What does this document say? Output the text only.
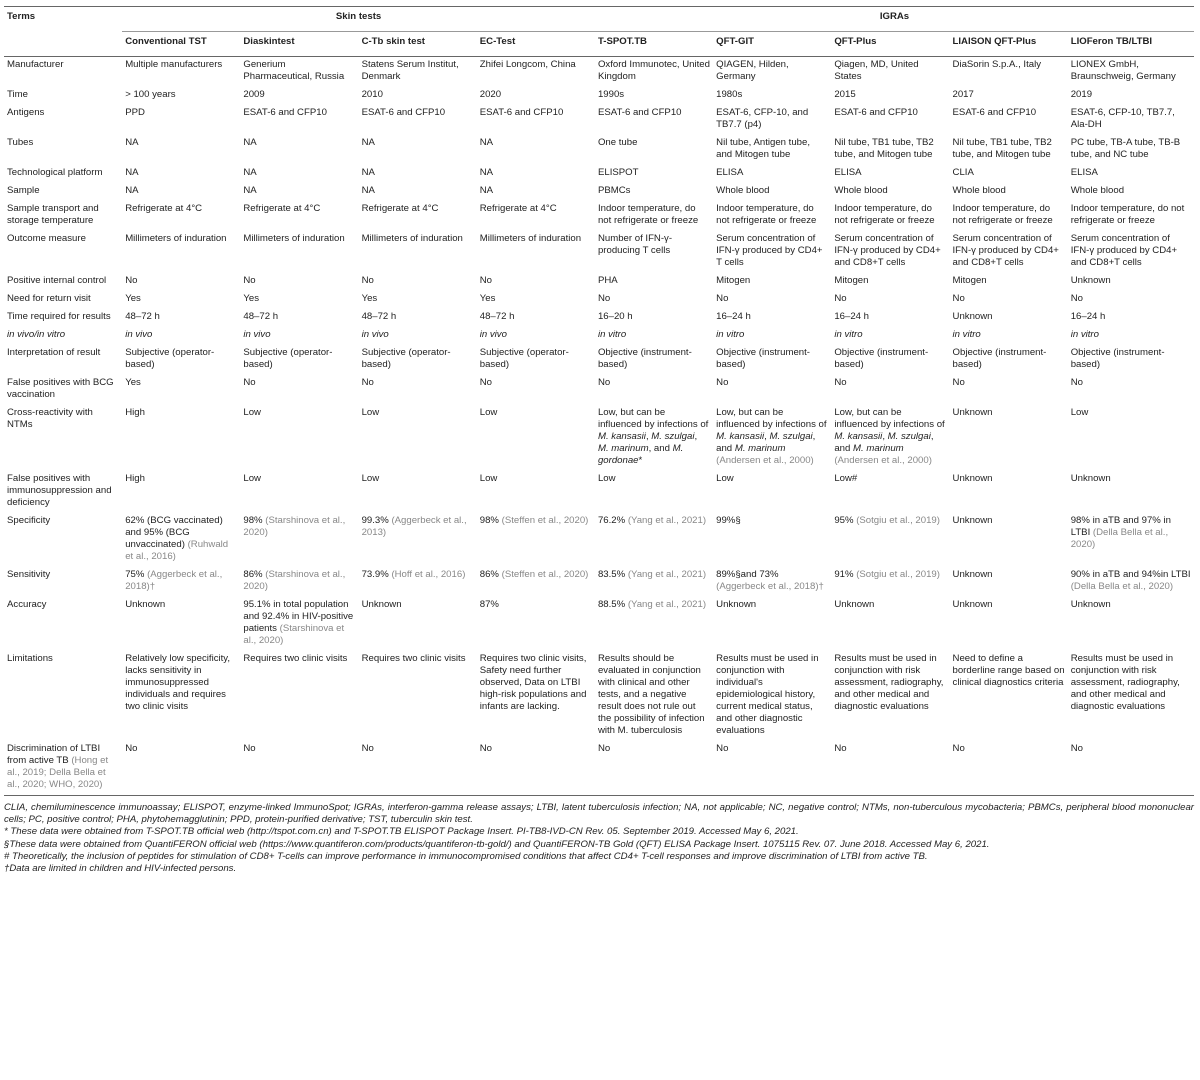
Terms	Skin tests				IGRAs				
	Conventional TST	Diaskintest	C-Tb skin test	EC-Test	T-SPOT.TB	QFT-GIT	QFT-Plus	LIAISON QFT-Plus	LIOFeron TB/LTBI
Manufacturer	Multiple manufacturers	Generium Pharmaceutical, Russia	Statens Serum Institut, Denmark	Zhifei Longcom, China	Oxford Immunotec, United Kingdom	QIAGEN, Hilden, Germany	Qiagen, MD, United States	DiaSorin S.p.A., Italy	LIONEX GmbH, Braunschweig, Germany
Time	> 100 years	2009	2010	2020	1990s	1980s	2015	2017	2019
Antigens	PPD	ESAT-6 and CFP10	ESAT-6 and CFP10	ESAT-6 and CFP10	ESAT-6 and CFP10	ESAT-6, CFP-10, and TB7.7 (p4)	ESAT-6 and CFP10	ESAT-6 and CFP10	ESAT-6, CFP-10, TB7.7, Ala-DH
Tubes	NA	NA	NA	NA	One tube	Nil tube, Antigen tube, and Mitogen tube	Nil tube, TB1 tube, TB2 tube, and Mitogen tube	Nil tube, TB1 tube, TB2 tube, and Mitogen tube	PC tube, TB-A tube, TB-B tube, and NC tube
Technological platform	NA	NA	NA	NA	ELISPOT	ELISA	ELISA	CLIA	ELISA
Sample	NA	NA	NA	NA	PBMCs	Whole blood	Whole blood	Whole blood	Whole blood
Sample transport and storage temperature	Refrigerate at 4°C	Refrigerate at 4°C	Refrigerate at 4°C	Refrigerate at 4°C	Indoor temperature, do not refrigerate or freeze	Indoor temperature, do not refrigerate or freeze	Indoor temperature, do not refrigerate or freeze	Indoor temperature, do not refrigerate or freeze	Indoor temperature, do not refrigerate or freeze
Outcome measure	Millimeters of induration	Millimeters of induration	Millimeters of induration	Millimeters of induration	Number of IFN-γ-producing T cells	Serum concentration of IFN-γ produced by CD4+ T cells	Serum concentration of IFN-γ produced by CD4+ and CD8+T cells	Serum concentration of IFN-γ produced by CD4+ and CD8+T cells	Serum concentration of IFN-γ produced by CD4+ and CD8+T cells
Positive internal control	No	No	No	No	PHA	Mitogen	Mitogen	Mitogen	Unknown
Need for return visit	Yes	Yes	Yes	Yes	No	No	No	No	No
Time required for results	48–72 h	48–72 h	48–72 h	48–72 h	16–20 h	16–24 h	16–24 h	Unknown	16–24 h
in vivo/in vitro	in vivo	in vivo	in vivo	in vivo	in vitro	in vitro	in vitro	in vitro	in vitro
Interpretation of result	Subjective (operator-based)	Subjective (operator-based)	Subjective (operator-based)	Subjective (operator-based)	Objective (instrument-based)	Objective (instrument-based)	Objective (instrument-based)	Objective (instrument-based)	Objective (instrument-based)
False positives with BCG vaccination	Yes	No	No	No	No	No	No	No	No
Cross-reactivity with NTMs	High	Low	Low	Low	Low, but can be influenced by infections of M. kansasii, M. szulgai, M. marinum, and M. gordonae*	Low, but can be influenced by infections of M. kansasii, M. szulgai, and M. marinum (Andersen et al., 2000)	Low, but can be influenced by infections of M. kansasii, M. szulgai, and M. marinum (Andersen et al., 2000)	Unknown	Low
False positives with immunosuppression and deficiency	High	Low	Low	Low	Low	Low	Low#	Unknown	Unknown
Specificity	62% (BCG vaccinated) and 95% (BCG unvaccinated) (Ruhwald et al., 2016)	98% (Starshinova et al., 2020)	99.3% (Aggerbeck et al., 2013)	98% (Steffen et al., 2020)	76.2% (Yang et al., 2021)	99%§	95% (Sotgiu et al., 2019)	Unknown	98% in aTB and 97% in LTBI (Della Bella et al., 2020)
Sensitivity	75% (Aggerbeck et al., 2018)†	86% (Starshinova et al., 2020)	73.9% (Hoff et al., 2016)	86% (Steffen et al., 2020)	83.5% (Yang et al., 2021)	89%§and 73% (Aggerbeck et al., 2018)†	91% (Sotgiu et al., 2019)	Unknown	90% in aTB and 94%in LTBI (Della Bella et al., 2020)
Accuracy	Unknown	95.1% in total population and 92.4% in HIV-positive patients (Starshinova et al., 2020)	Unknown	87%	88.5% (Yang et al., 2021)	Unknown	Unknown	Unknown	Unknown
Limitations	Relatively low specificity, lacks sensitivity in immunosuppressed individuals and requires two clinic visits	Requires two clinic visits	Requires two clinic visits	Requires two clinic visits, Safety need further observed, Data on LTBI high-risk populations and infants are lacking.	Results should be evaluated in conjunction with clinical and other tests, and a negative result does not rule out the possibility of infection with M. tuberculosis	Results must be used in conjunction with individual's epidemiological history, current medical status, and other diagnostic evaluations	Results must be used in conjunction with risk assessment, radiography, and other medical and diagnostic evaluations	Need to define a borderline range based on clinical diagnostics criteria	Results must be used in conjunction with risk assessment, radiography, and other medical and diagnostic evaluations
Discrimination of LTBI from active TB (Hong et al., 2019; Della Bella et al., 2020; WHO, 2020)	No	No	No	No	No	No	No	No	No

CLIA, chemiluminescence immunoassay; ELISPOT, enzyme-linked ImmunoSpot; IGRAs, interferon-gamma release assays; LTBI, latent tuberculosis infection; NA, not applicable; NC, negative control; NTMs, non-tuberculous mycobacteria; PBMCs, peripheral blood mononuclear cells; PC, positive control; PHA, phytohemagglutinin; PPD, protein-purified derivative; TST, tuberculin skin test.

* These data were obtained from T-SPOT.TB official web (http://tspot.com.cn) and T-SPOT.TB ELISPOT Package Insert. PI-TB8-IVD-CN Rev. 05. September 2019. Accessed May 6, 2021.

§These data were obtained from QuantiFERON official web (https://www.quantiferon.com/products/quantiferon-tb-gold/) and QuantiFERON-TB Gold (QFT) ELISA Package Insert. 1075115 Rev. 07. June 2018. Accessed May 6, 2021.

# Theoretically, the inclusion of peptides for stimulation of CD8+ T-cells can improve performance in immunocompromised conditions that affect CD4+ T-cell responses and improve discrimination of LTBI from active TB.

†Data are limited in children and HIV-infected persons.
